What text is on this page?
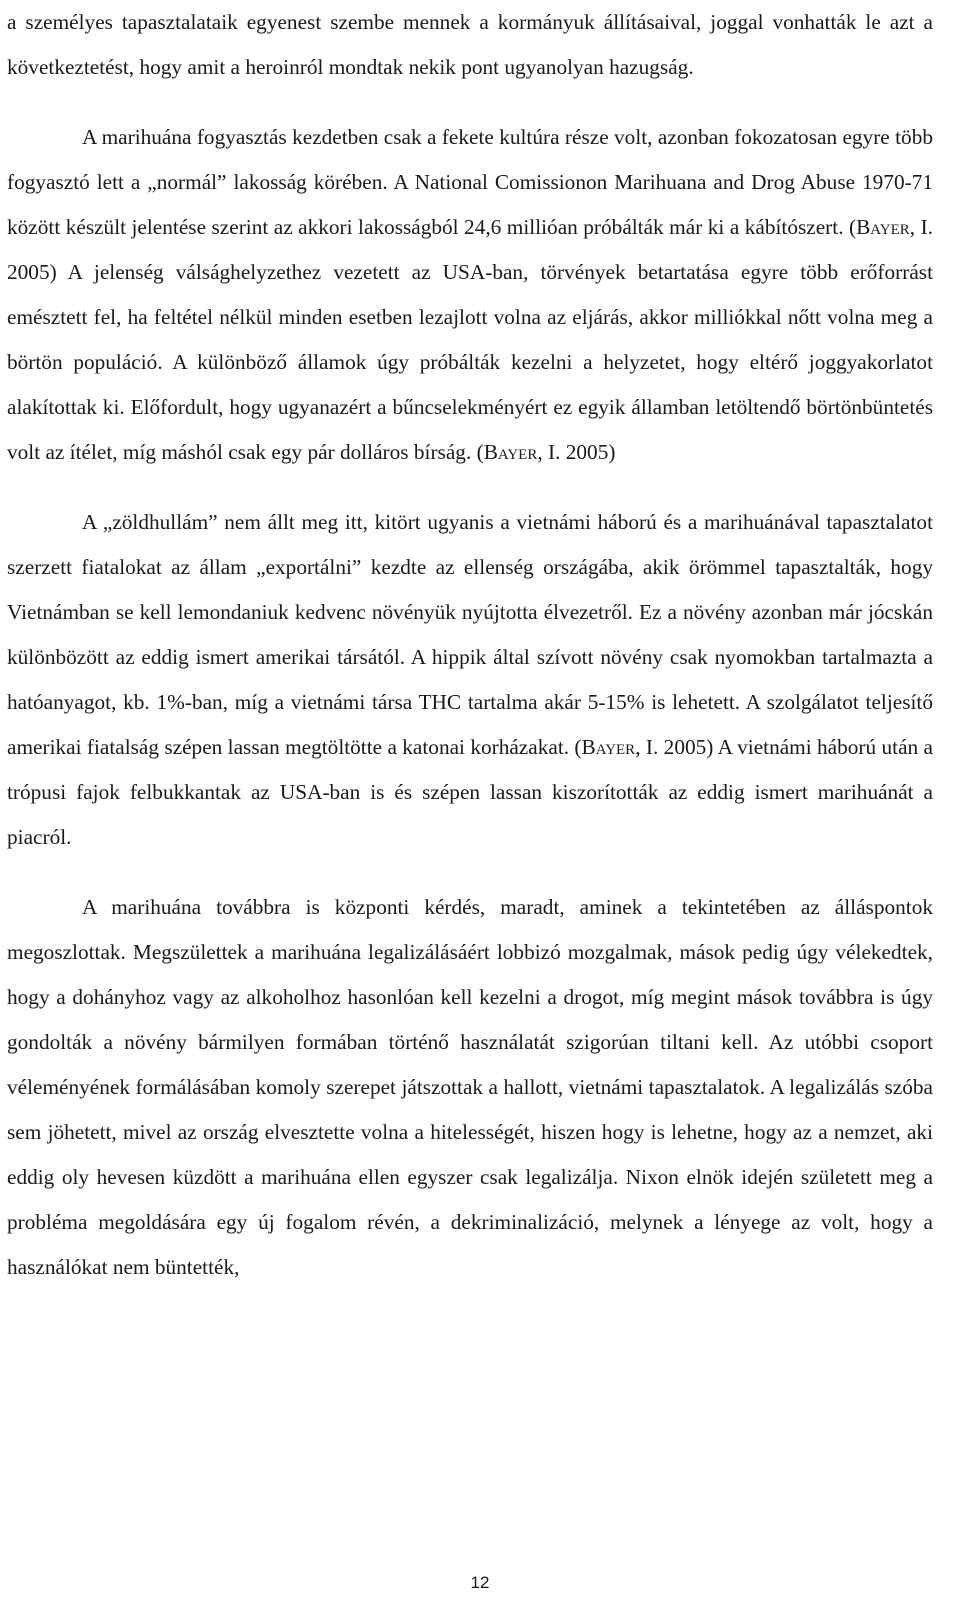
a személyes tapasztalataik egyenest szembe mennek a kormányuk állításaival, joggal vonhatták le azt a következtetést, hogy amit a heroinról mondtak nekik pont ugyanolyan hazugság.

A marihuána fogyasztás kezdetben csak a fekete kultúra része volt, azonban fokozatosan egyre több fogyasztó lett a „normál” lakosság körében. A National Comissionon Marihuana and Drog Abuse 1970-71 között készült jelentése szerint az akkori lakosságból 24,6 millióan próbálták már ki a kábítószert. (Bayer, I. 2005) A jelenség válsághelyzethez vezetett az USA-ban, törvények betartatása egyre több erőforrást emésztett fel, ha feltétel nélkül minden esetben lezajlott volna az eljárás, akkor milliókkal nőtt volna meg a börtön populáció. A különböző államok úgy próbálták kezelni a helyzetet, hogy eltérő joggyakorlatot alakítottak ki. Előfordult, hogy ugyanazért a bűncselekményért ez egyik államban letöltendő börtönbüntetés volt az ítélet, míg máshól csak egy pár dolláros bírság. (Bayer, I. 2005)

A „zöldhullám” nem állt meg itt, kitört ugyanis a vietnámi háború és a marihuánával tapasztalatot szerzett fiatalokat az állam „exportálni” kezdte az ellenség országába, akik örömmel tapasztalták, hogy Vietnámban se kell lemondaniuk kedvenc növényük nyújtotta élvezetről. Ez a növény azonban már jócskán különbözött az eddig ismert amerikai társától. A hippik által szívott növény csak nyomokban tartalmazta a hatóanyagot, kb. 1%-ban, míg a vietnámi társa THC tartalma akár 5-15% is lehetett. A szolgálatot teljesítő amerikai fiatalság szépen lassan megtöltötte a katonai korházakat. (Bayer, I. 2005) A vietnámi háború után a trópusi fajok felbukkantak az USA-ban is és szépen lassan kiszorították az eddig ismert marihuánát a piacról.

A marihuána továbbra is központi kérdés, maradt, aminek a tekintetében az álláspontok megoszlottak. Megszülettek a marihuána legalizálásáért lobbizó mozgalmak, mások pedig úgy vélekedtek, hogy a dohányhoz vagy az alkoholhoz hasonlóan kell kezelni a drogot, míg megint mások továbbra is úgy gondolták a növény bármilyen formában történő használatát szigorúan tiltani kell. Az utóbbi csoport véleményének formálásában komoly szerepet játszottak a hallott, vietnámi tapasztalatok. A legalizálás szóba sem jöhetett, mivel az ország elvesztette volna a hitelességét, hiszen hogy is lehetne, hogy az a nemzet, aki eddig oly hevesen küzdött a marihuána ellen egyszer csak legalizálja. Nixon elnök idején született meg a probléma megoldására egy új fogalom révén, a dekriminalizáció, melynek a lényege az volt, hogy a használókat nem büntették,

12
